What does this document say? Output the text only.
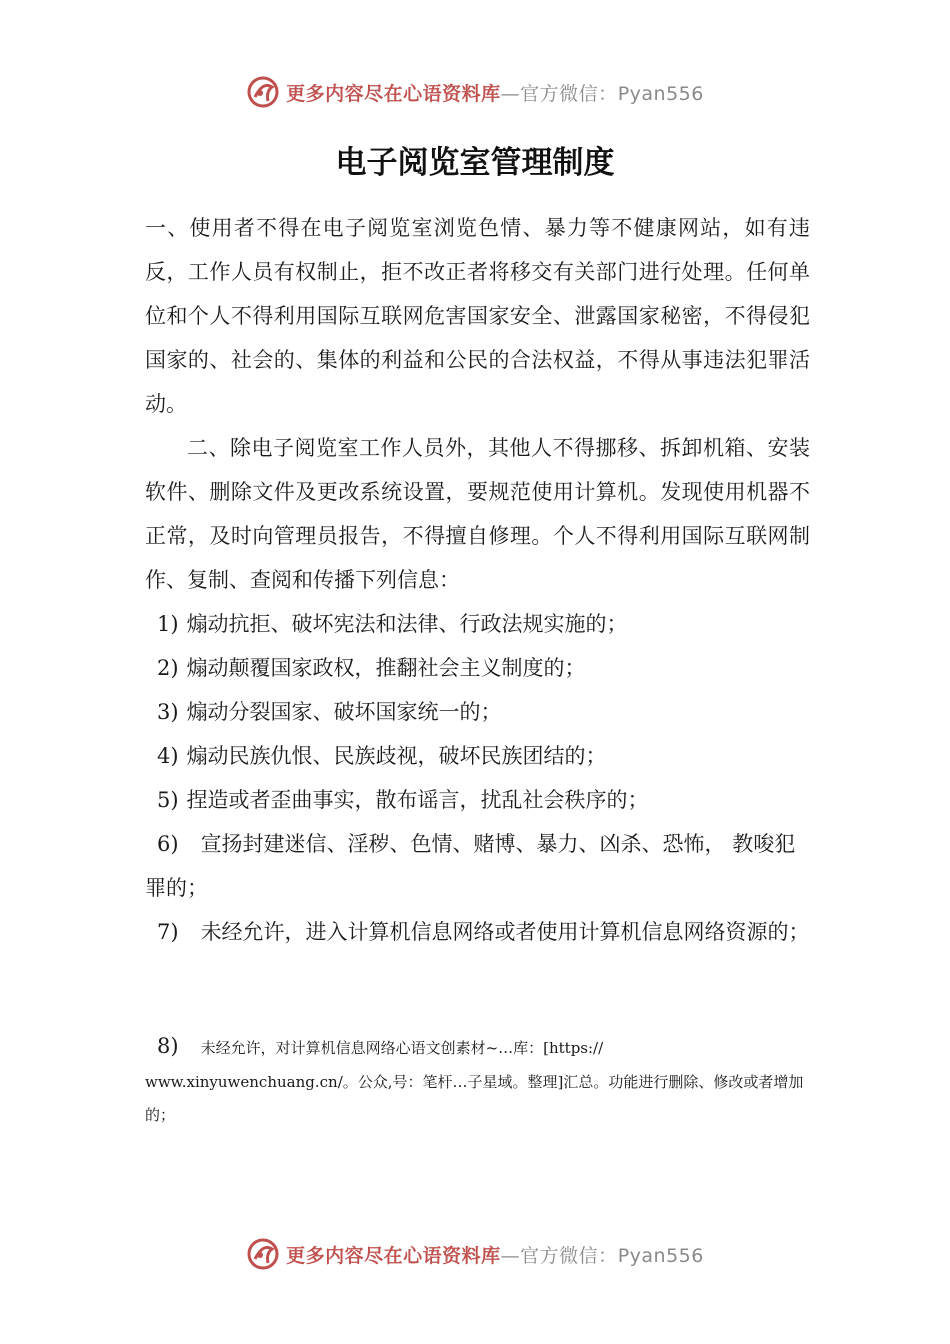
更多内容尽在心语资料库—官方微信：Pyan556
电子阅览室管理制度

一、使用者不得在电子阅览室浏览色情、暴力等不健康网站，如有违反，工作人员有权制止，拒不改正者将移交有关部门进行处理。任何单位和个人不得利用国际互联网危害国家安全、泄露国家秘密，不得侵犯国家的、社会的、集体的利益和公民的合法权益，不得从事违法犯罪活动。

二、除电子阅览室工作人员外，其他人不得挪移、拆卸机箱、安装软件、删除文件及更改系统设置，要规范使用计算机。发现使用机器不正常，及时向管理员报告，不得擅自修理。个人不得利用国际互联网制作、复制、查阅和传播下列信息：

1) 煽动抗拒、破坏宪法和法律、行政法规实施的；
2) 煽动颠覆国家政权，推翻社会主义制度的；
3) 煽动分裂国家、破坏国家统一的；
4) 煽动民族仇恨、民族歧视，破坏民族团结的；
5) 捏造或者歪曲事实，散布谣言，扰乱社会秩序的；
6) 宣扬封建迷信、淫秽、色情、赌博、暴力、凶杀、恐怖， 教唆犯罪的；
7) 未经允许，进入计算机信息网络或者使用计算机信息网络资源的；
8) 未经允许，对计算机信息网络心语文创素材~…库：[https://

www.xinyuwenchuang.cn/。公众,号：笔杆…子星域。整理]汇总。功能进行删除、修改或者增加的；

更多内容尽在心语资料库—官方微信：Pyan556
